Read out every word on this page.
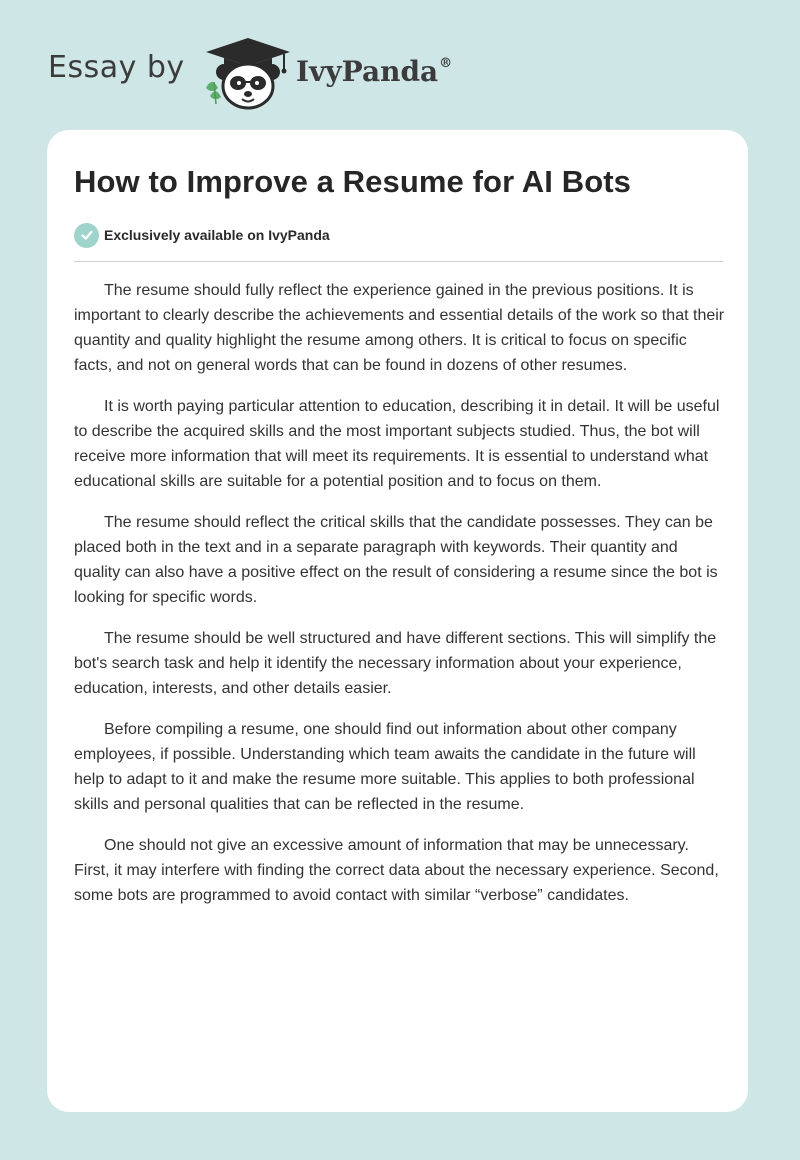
Essay by	IvyPanda®
How to Improve a Resume for AI Bots
Exclusively available on IvyPanda

The resume should fully reflect the experience gained in the previous positions. It is important to clearly describe the achievements and essential details of the work so that their quantity and quality highlight the resume among others. It is critical to focus on specific facts, and not on general words that can be found in dozens of other resumes.

It is worth paying particular attention to education, describing it in detail. It will be useful to describe the acquired skills and the most important subjects studied. Thus, the bot will receive more information that will meet its requirements. It is essential to understand what educational skills are suitable for a potential position and to focus on them.

The resume should reflect the critical skills that the candidate possesses. They can be placed both in the text and in a separate paragraph with keywords. Their quantity and quality can also have a positive effect on the result of considering a resume since the bot is looking for specific words.

The resume should be well structured and have different sections. This will simplify the bot's search task and help it identify the necessary information about your experience, education, interests, and other details easier.

Before compiling a resume, one should find out information about other company employees, if possible. Understanding which team awaits the candidate in the future will help to adapt to it and make the resume more suitable. This applies to both professional skills and personal qualities that can be reflected in the resume.

One should not give an excessive amount of information that may be unnecessary. First, it may interfere with finding the correct data about the necessary experience. Second, some bots are programmed to avoid contact with similar “verbose” candidates.
